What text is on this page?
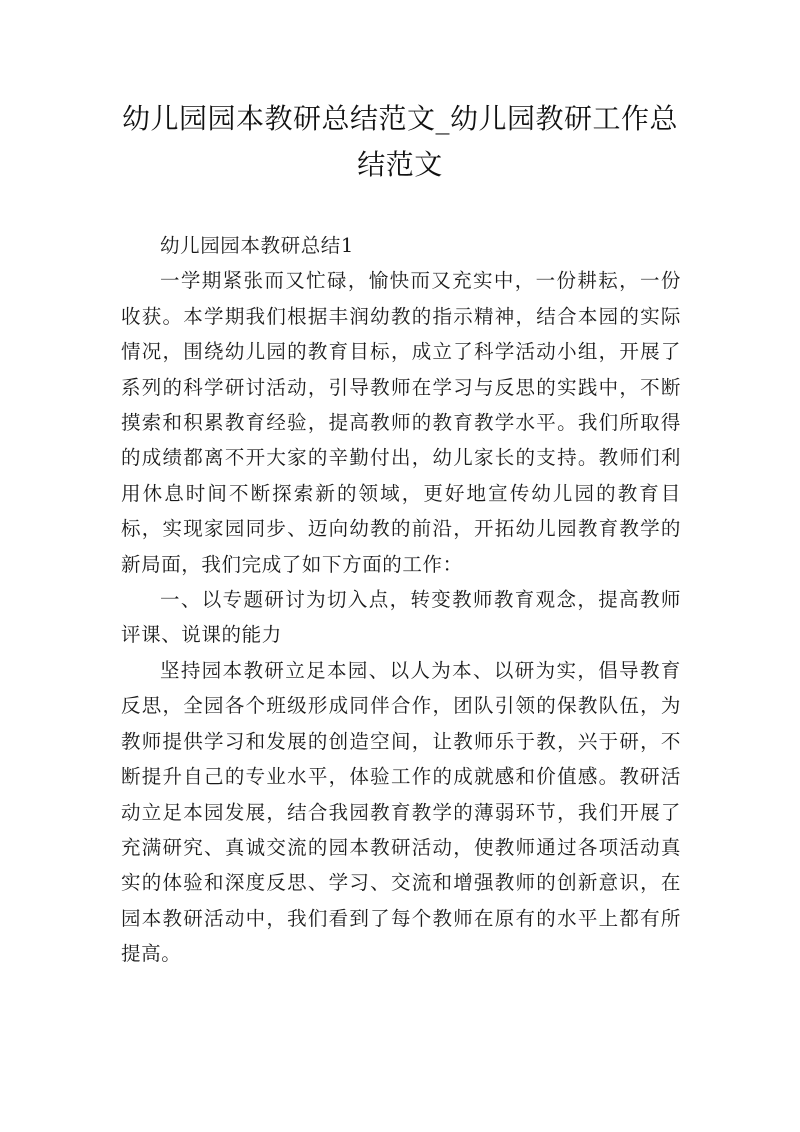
幼儿园园本教研总结范文_幼儿园教研工作总结范文

幼儿园园本教研总结1

一学期紧张而又忙碌，愉快而又充实中，一份耕耘，一份收获。本学期我们根据丰润幼教的指示精神，结合本园的实际情况，围绕幼儿园的教育目标，成立了科学活动小组，开展了系列的科学研讨活动，引导教师在学习与反思的实践中，不断摸索和积累教育经验，提高教师的教育教学水平。我们所取得的成绩都离不开大家的辛勤付出，幼儿家长的支持。教师们利用休息时间不断探索新的领域，更好地宣传幼儿园的教育目标，实现家园同步、迈向幼教的前沿，开拓幼儿园教育教学的新局面，我们完成了如下方面的工作：

一、以专题研讨为切入点，转变教师教育观念，提高教师评课、说课的能力

坚持园本教研立足本园、以人为本、以研为实，倡导教育反思，全园各个班级形成同伴合作，团队引领的保教队伍，为教师提供学习和发展的创造空间，让教师乐于教，兴于研，不断提升自己的专业水平，体验工作的成就感和价值感。教研活动立足本园发展，结合我园教育教学的薄弱环节，我们开展了充满研究、真诚交流的园本教研活动，使教师通过各项活动真实的体验和深度反思、学习、交流和增强教师的创新意识，在园本教研活动中，我们看到了每个教师在原有的水平上都有所提高。
